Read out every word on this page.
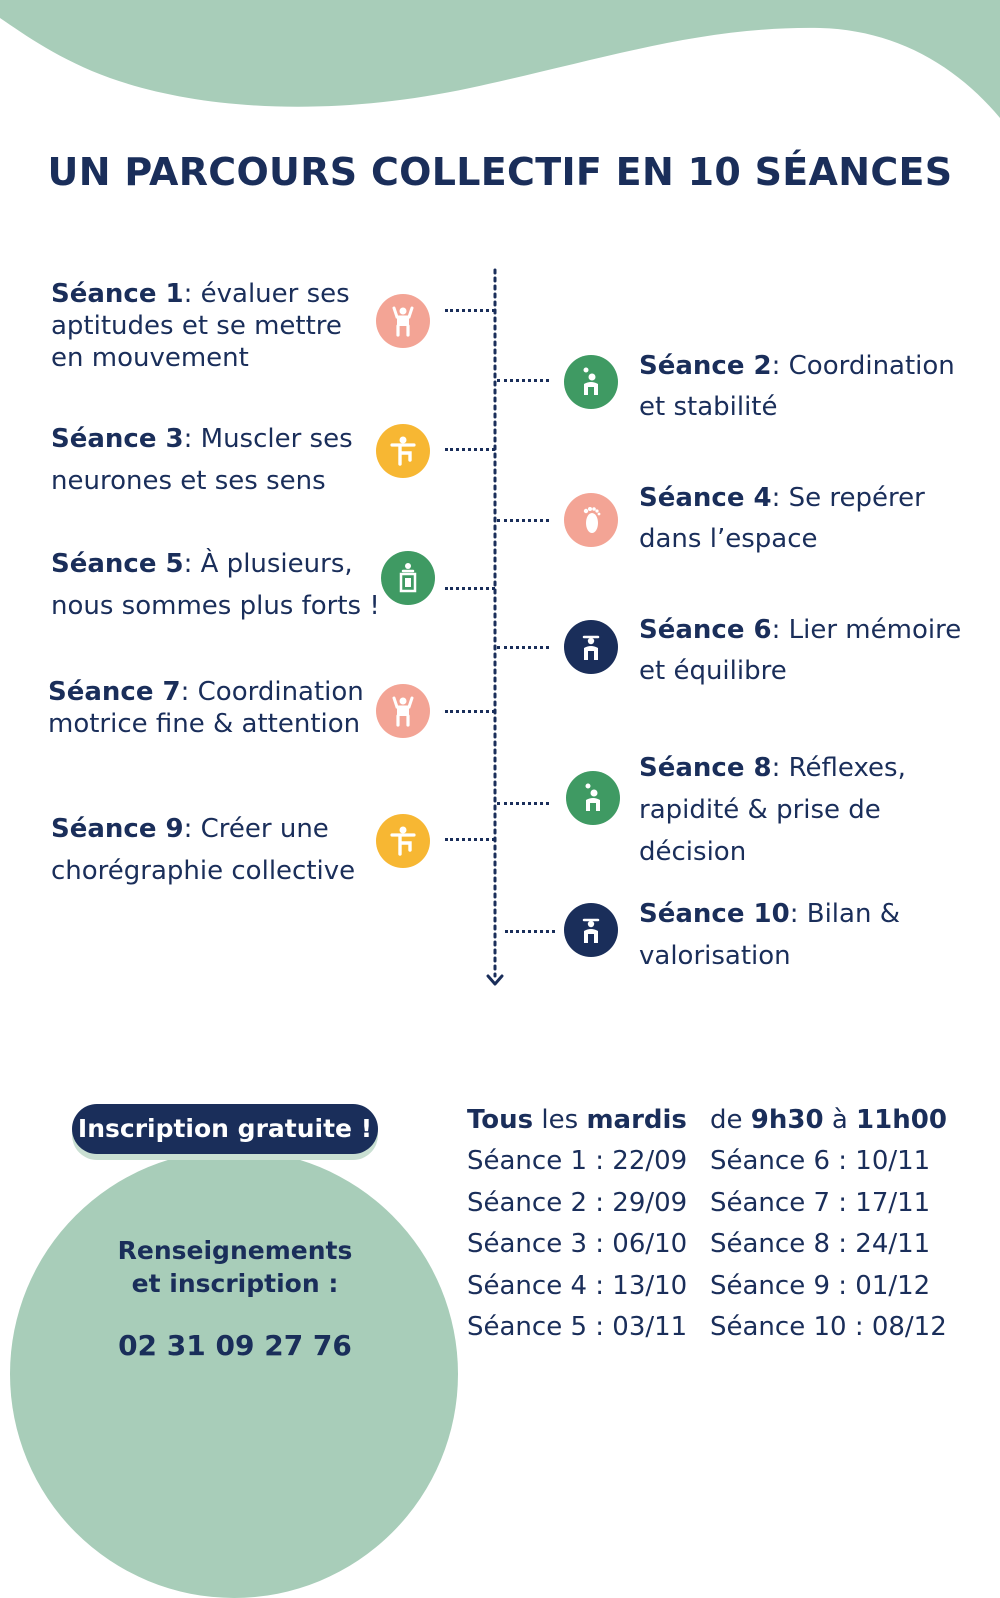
UN PARCOURS COLLECTIF EN 10 SÉANCES
Séance 1: évaluer ses aptitudes et se mettre en mouvement	Séance 2: Coordination et stabilité
Séance 3: Muscler ses neurones et ses sens
Séance 4: Se repérer dans l’espace
Séance 5: À plusieurs, nous sommes plus forts !
Séance 6: Lier mémoire et équilibre
Séance 7: Coordination motrice fine & attention
Séance 8: Réflexes, rapidité & prise de décision
Séance 9: Créer une chorégraphie collective
Séance 10: Bilan & valorisation
Inscription gratuite !
Renseignements
et inscription :
02 31 09 27 76
Tous les mardis de 9h30 à 11h00
Séance 1 : 22/09
Séance 2 : 29/09
Séance 3 : 06/10
Séance 4 : 13/10
Séance 5 : 03/11
Séance 6 : 10/11
Séance 7 : 17/11
Séance 8 : 24/11
Séance 9 : 01/12
Séance 10 : 08/12
